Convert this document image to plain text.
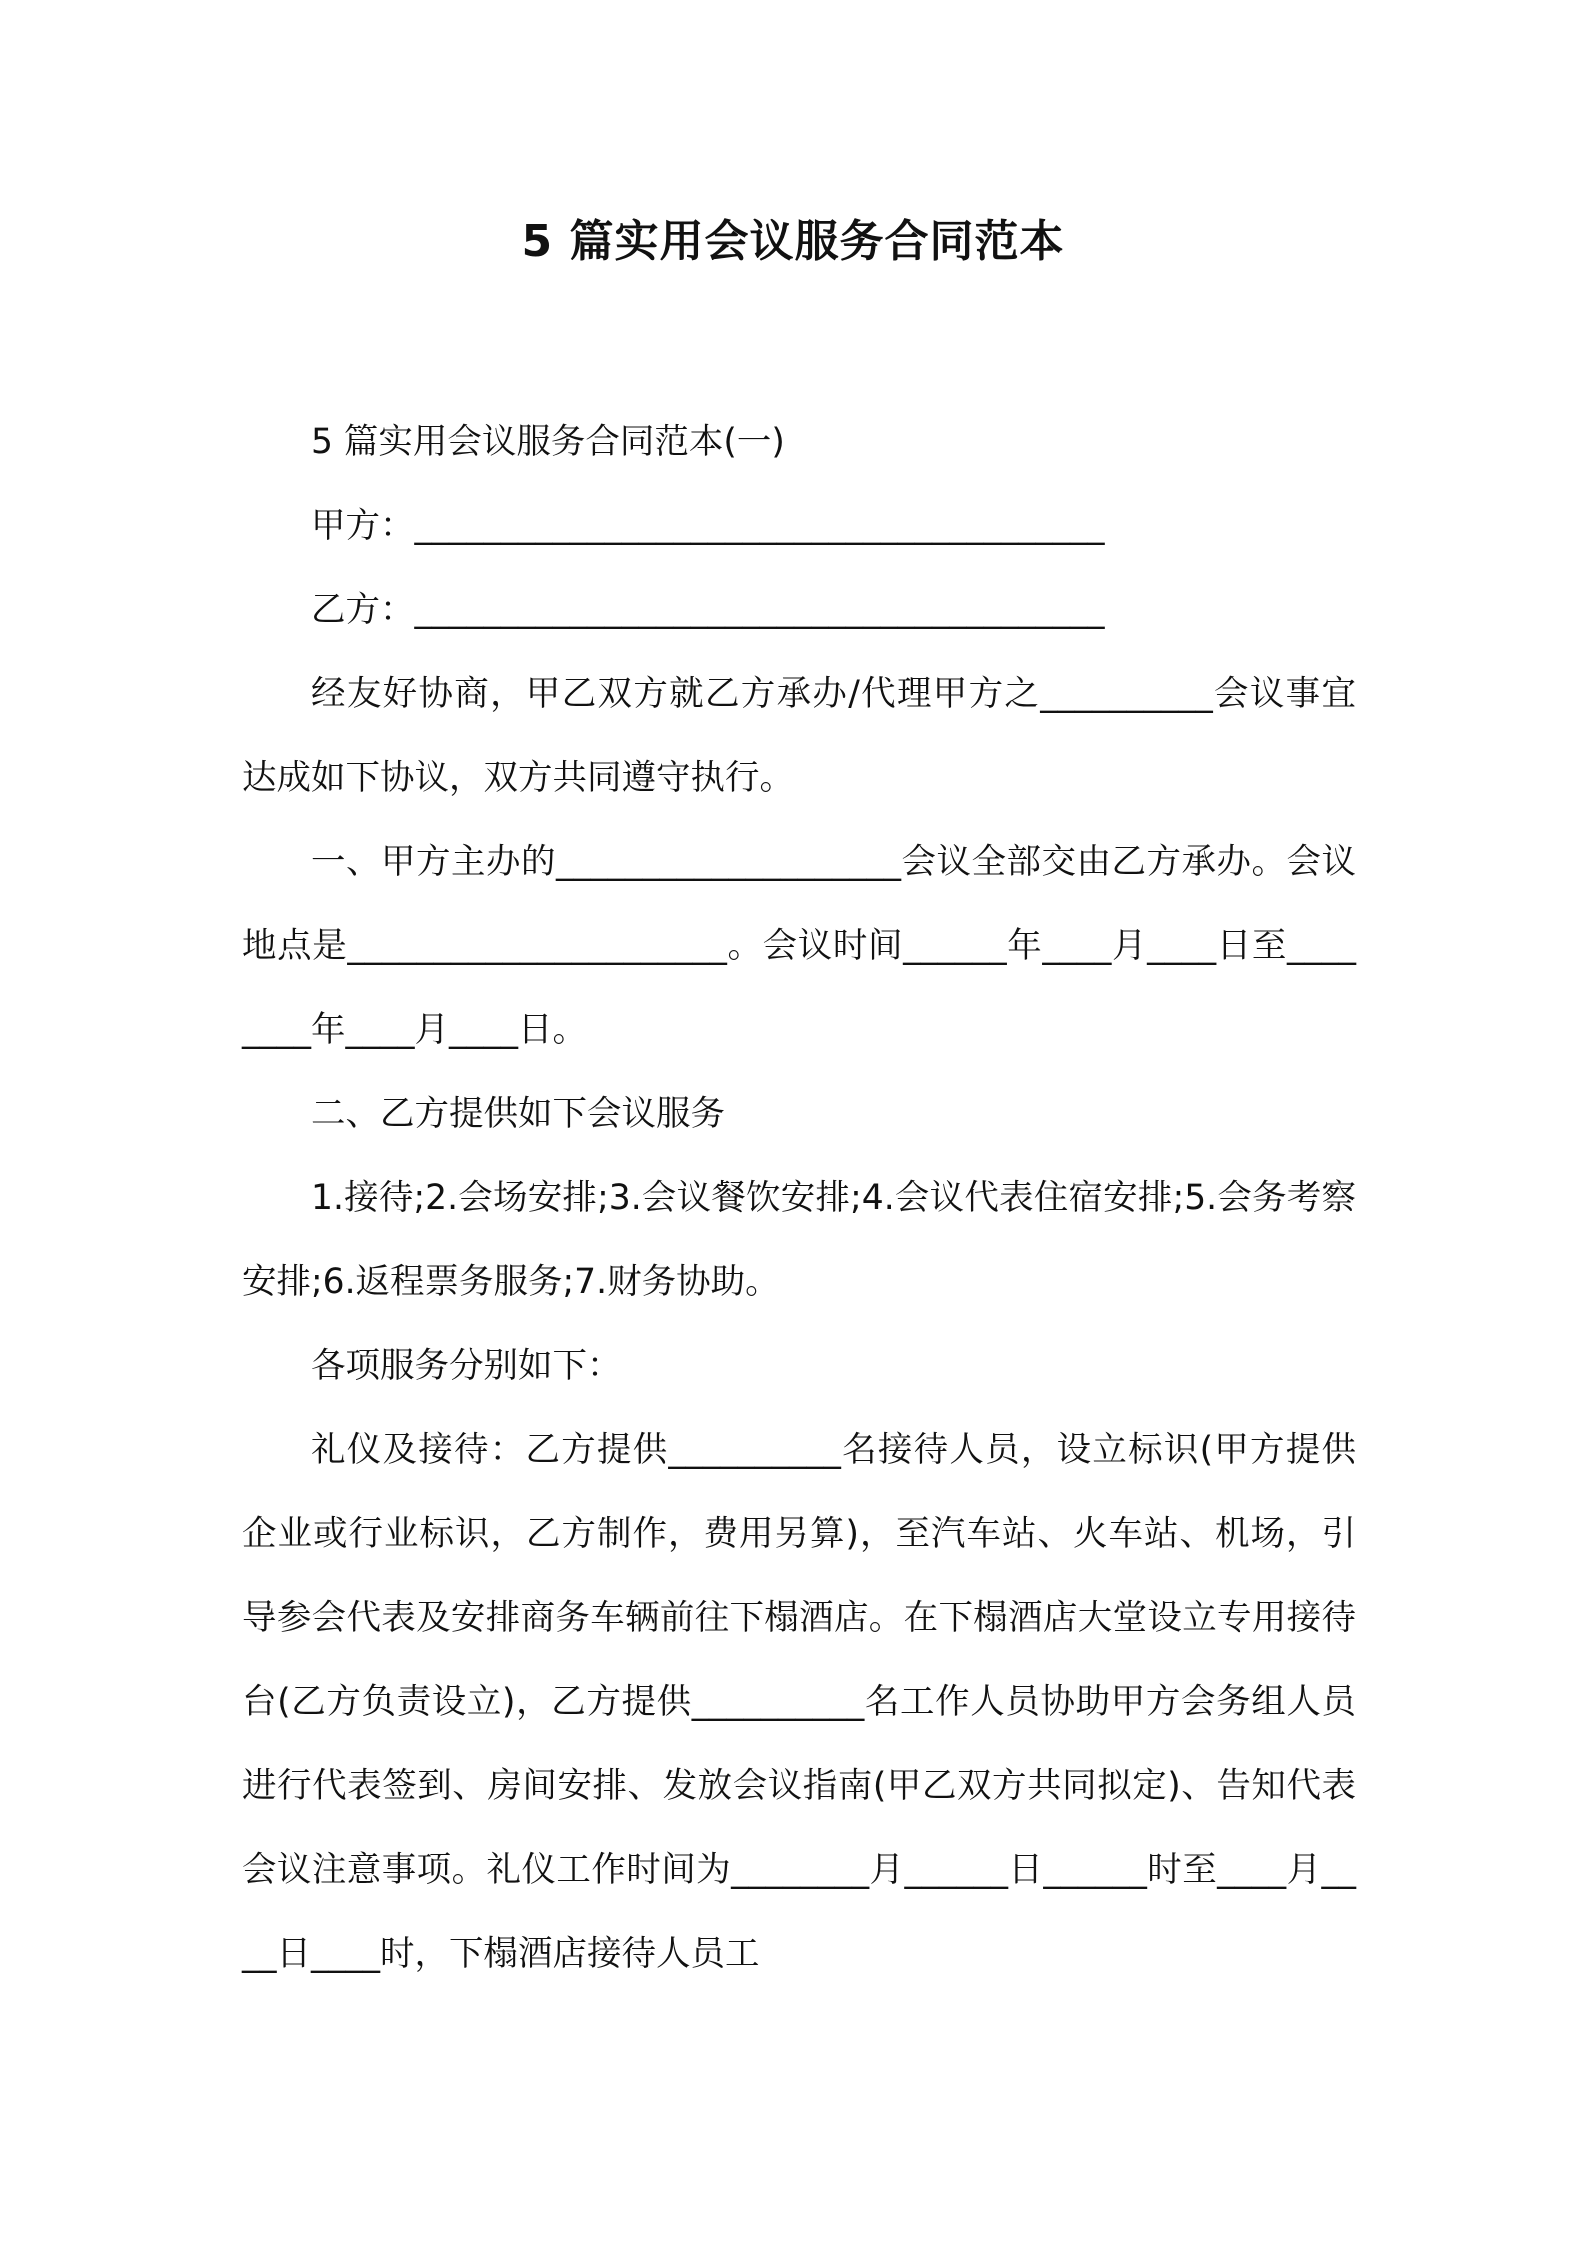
5 篇实用会议服务合同范本

5 篇实用会议服务合同范本(一)

甲方：________________________________________

乙方：________________________________________

经友好协商，甲乙双方就乙方承办/代理甲方之__________会议事宜达成如下协议，双方共同遵守执行。

一、甲方主办的____________________会议全部交由乙方承办。会议地点是______________________。会议时间______年____月____日至________年____月____日。

二、乙方提供如下会议服务

1.接待;2.会场安排;3.会议餐饮安排;4.会议代表住宿安排;5.会务考察安排;6.返程票务服务;7.财务协助。

各项服务分别如下：

礼仪及接待：乙方提供__________名接待人员，设立标识(甲方提供企业或行业标识，乙方制作，费用另算)，至汽车站、火车站、机场，引导参会代表及安排商务车辆前往下榻酒店。在下榻酒店大堂设立专用接待台(乙方负责设立)，乙方提供__________名工作人员协助甲方会务组人员进行代表签到、房间安排、发放会议指南(甲乙双方共同拟定)、告知代表会议注意事项。礼仪工作时间为________月______日______时至____月____日____时，下榻酒店接待人员工
